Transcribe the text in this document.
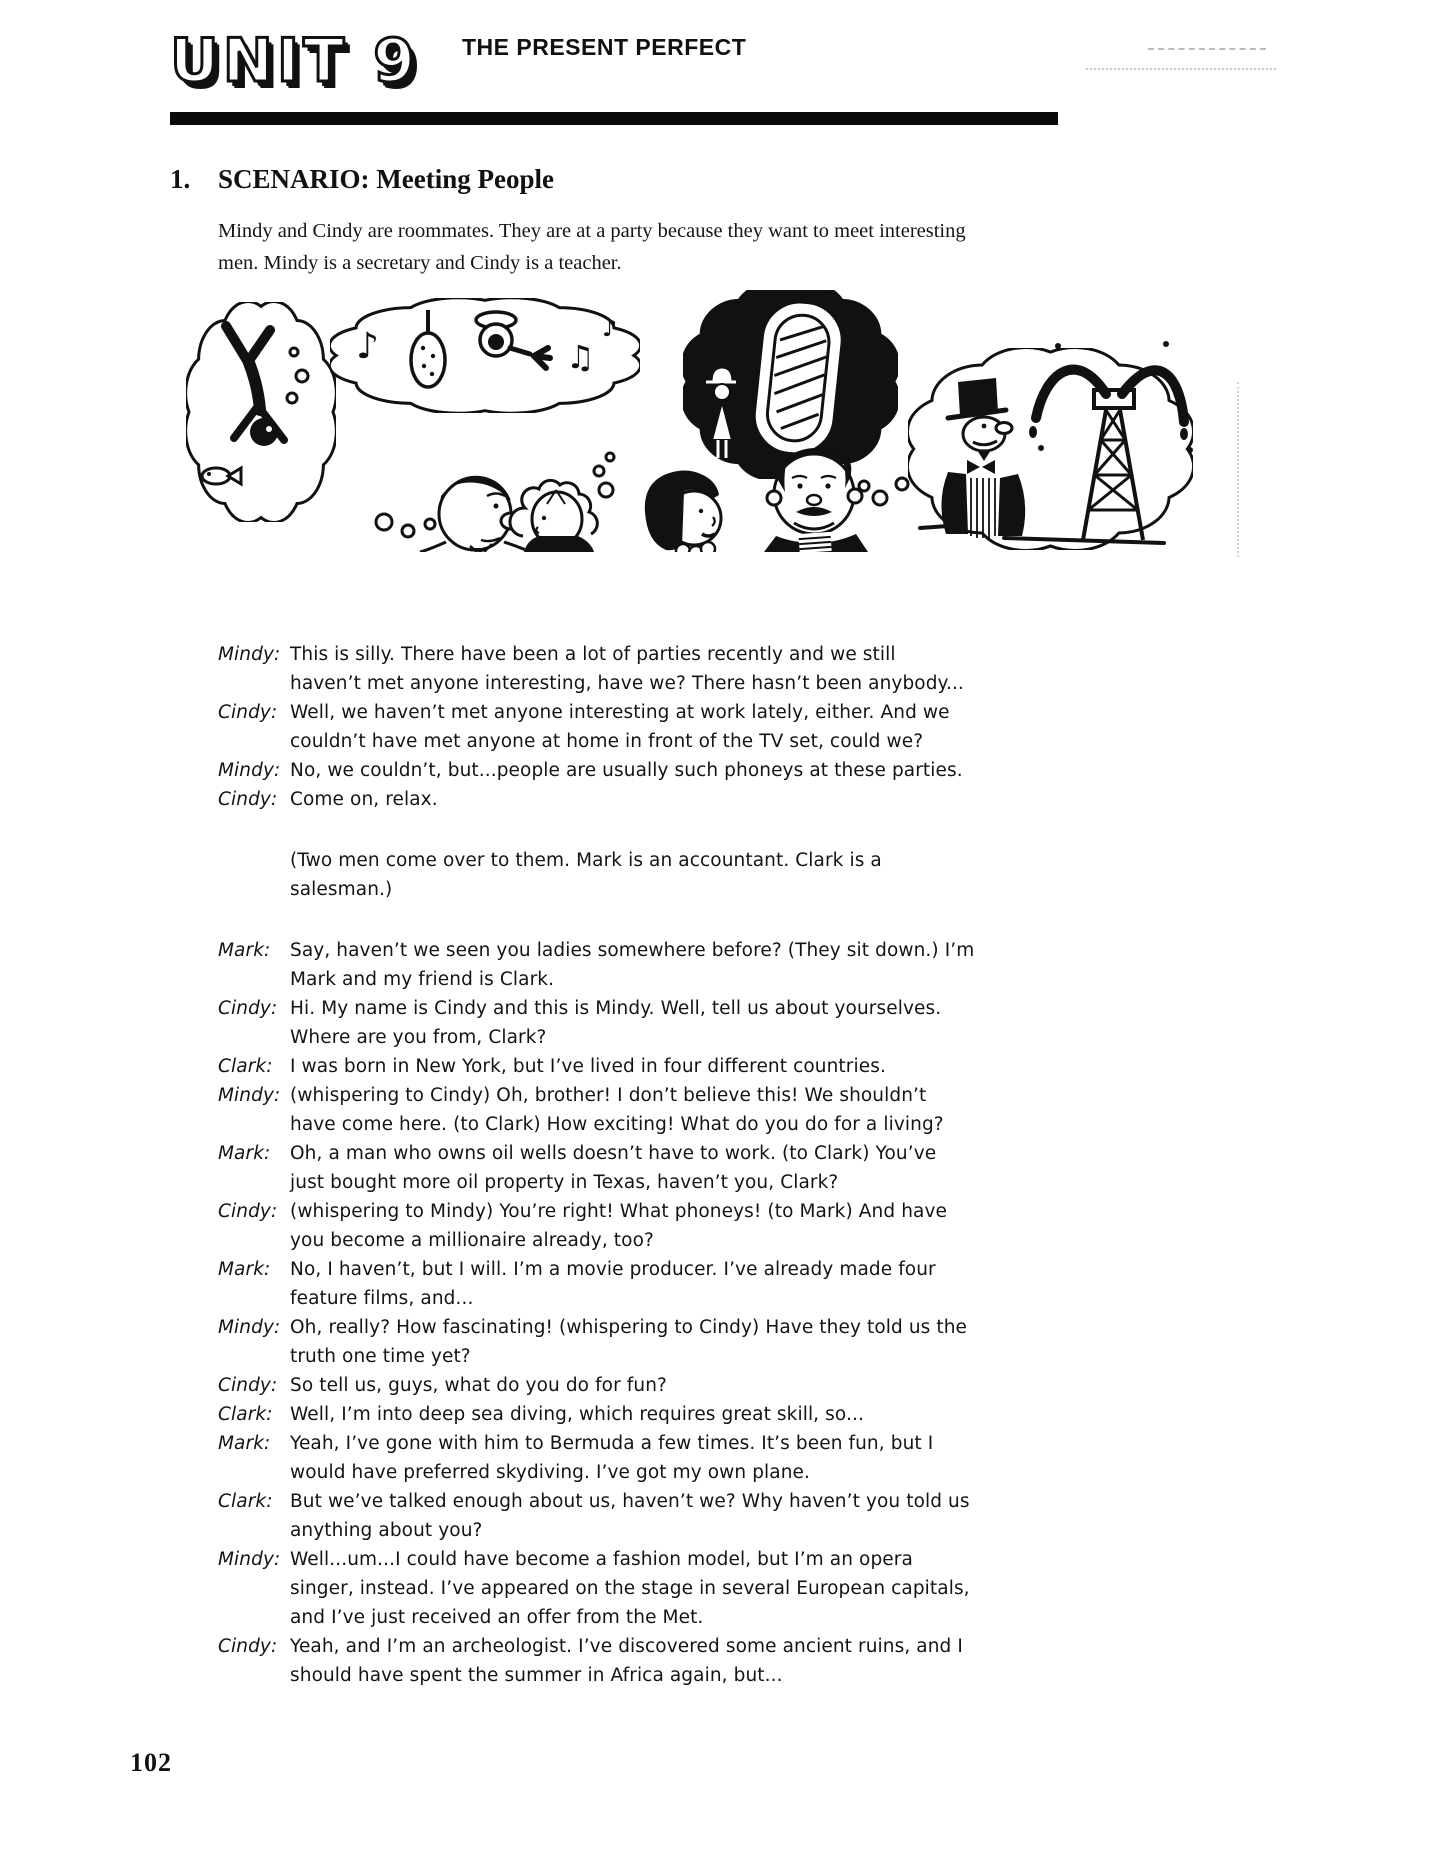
UNIT 9 THE PRESENT PERFECT
1. SCENARIO: Meeting People
Mindy and Cindy are roommates. They are at a party because they want to meet interesting
men. Mindy is a secretary and Cindy is a teacher.
♪	♫
♪
Mindy: This is silly. There have been a lot of parties recently and we still
haven’t met anyone interesting, have we? There hasn’t been anybody...
Cindy: Well, we haven’t met anyone interesting at work lately, either. And we
couldn’t have met anyone at home in front of the TV set, could we?
Mindy: No, we couldn’t, but...people are usually such phoneys at these parties.
Cindy: Come on, relax.
(Two men come over to them. Mark is an accountant. Clark is a
salesman.)
Mark:	Say, haven’t we seen you ladies somewhere before? (They sit down.) I’m
Mark and my friend is Clark.
Cindy: Hi. My name is Cindy and this is Mindy. Well, tell us about yourselves.
Where are you from, Clark?
Clark: I was born in New York, but I’ve lived in four different countries.
Mindy: (whispering to Cindy) Oh, brother! I don’t believe this! We shouldn’t
have come here. (to Clark) How exciting! What do you do for a living?
Mark:	Oh, a man who owns oil wells doesn’t have to work. (to Clark) You’ve
just bought more oil property in Texas, haven’t you, Clark?
Cindy: (whispering to Mindy) You’re right! What phoneys! (to Mark) And have
you become a millionaire already, too?
Mark:	No, I haven’t, but I will. I’m a movie producer. I’ve already made four
feature films, and...
Mindy: Oh, really? How fascinating! (whispering to Cindy) Have they told us the
truth one time yet?
Cindy: So tell us, guys, what do you do for fun?
Clark: Well, I’m into deep sea diving, which requires great skill, so...
Mark:	Yeah, I’ve gone with him to Bermuda a few times. It’s been fun, but I
would have preferred skydiving. I’ve got my own plane.
Clark: But we’ve talked enough about us, haven’t we? Why haven’t you told us
anything about you?
Mindy: Well...um...I could have become a fashion model, but I’m an opera
singer, instead. I’ve appeared on the stage in several European capitals,
and I’ve just received an offer from the Met.
Cindy: Yeah, and I’m an archeologist. I’ve discovered some ancient ruins, and I
should have spent the summer in Africa again, but...
102
